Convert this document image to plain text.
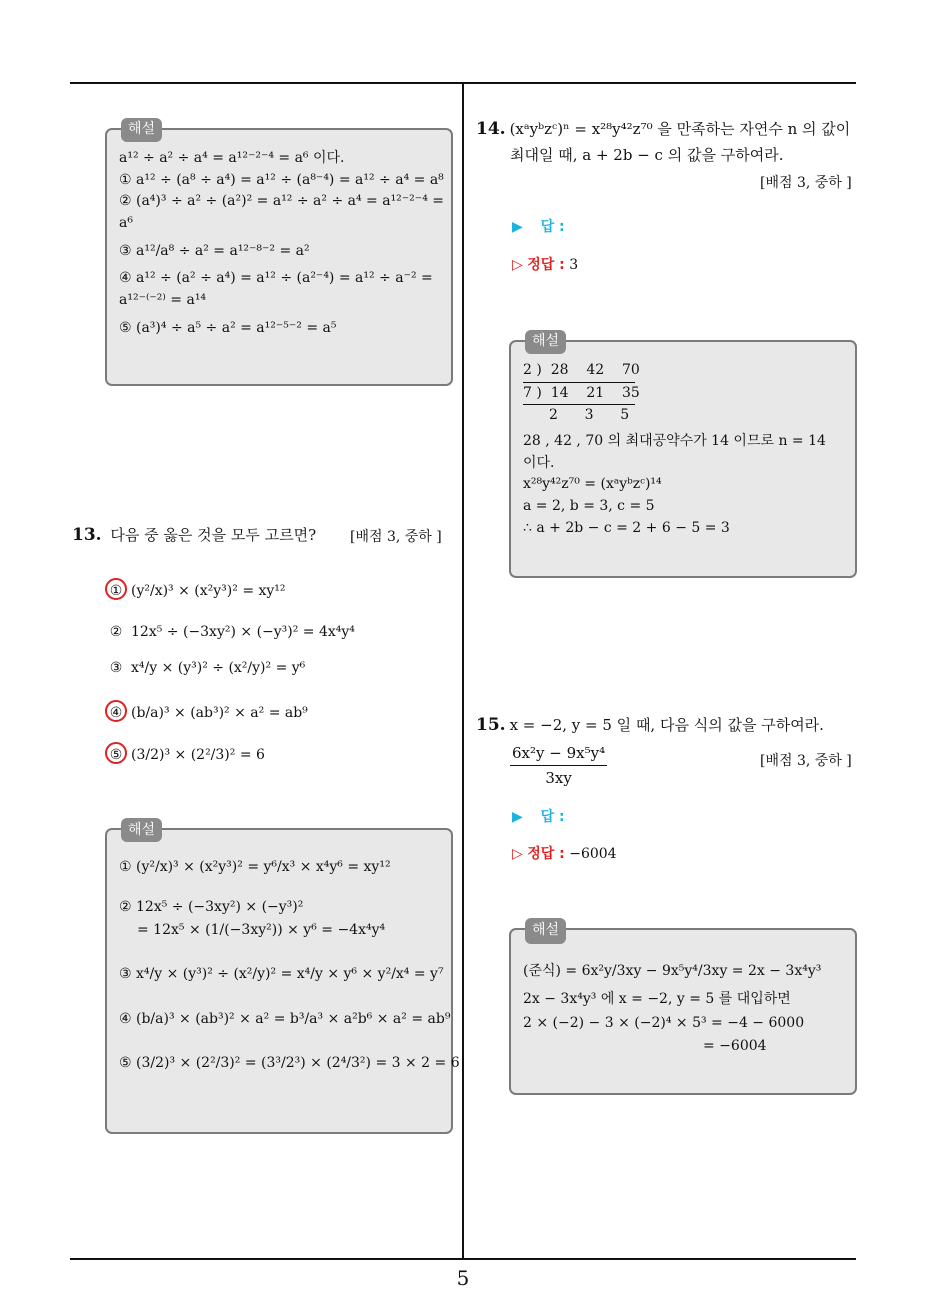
해설
a¹² ÷ a² ÷ a⁴ = a¹²⁻²⁻⁴ = a⁶ 이다.
① a¹² ÷ (a⁸ ÷ a⁴) = a¹² ÷ (a⁸⁻⁴) = a¹² ÷ a⁴ = a⁸
② (a⁴)³ ÷ a² ÷ (a²)² = a¹² ÷ a² ÷ a⁴ = a¹²⁻²⁻⁴ =
a⁶
③ a¹²/a⁸ ÷ a² = a¹²⁻⁸⁻² = a²
④ a¹² ÷ (a² ÷ a⁴) = a¹² ÷ (a²⁻⁴) = a¹² ÷ a⁻² =
a¹²⁻⁽⁻²⁾ = a¹⁴
⑤ (a³)⁴ ÷ a⁵ ÷ a² = a¹²⁻⁵⁻² = a⁵
13. 다음 중 옳은 것을 모두 고르면? [배점 3, 중하 ]
① (y²/x)³ × (x²y³)² = xy¹²
② 12x⁵ ÷ (−3xy²) × (−y³)² = 4x⁴y⁴
③ x⁴/y × (y³)² ÷ (x²/y)² = y⁶
④ (b/a)³ × (ab³)² × a² = ab⁹
⑤ (3/2)³ × (2²/3)² = 6
해설
① (y²/x)³ × (x²y³)² = y⁶/x³ × x⁴y⁶ = xy¹²
② 12x⁵ ÷ (−3xy²) × (−y³)²
= 12x⁵ × (1/(−3xy²)) × y⁶ = −4x⁴y⁴
③ x⁴/y × (y³)² ÷ (x²/y)² = x⁴/y × y⁶ × y²/x⁴ = y⁷
④ (b/a)³ × (ab³)² × a² = b³/a³ × a²b⁶ × a² = ab⁹
⑤ (3/2)³ × (2²/3)² = (3³/2³) × (2⁴/3²) = 3 × 2 = 6
14. (xᵃyᵇzᶜ)ⁿ = x²⁸y⁴²z⁷⁰ 을 만족하는 자연수 n 의 값이
최대일 때, a + 2b − c 의 값을 구하여라.
[배점 3, 중하 ]
▶ 답 :
▷ 정답 : 3
해설
2 )  28    42    70
7 )  14    21    35
2      3      5
28 , 42 , 70 의 최대공약수가 14 이므로 n = 14
이다.
x²⁸y⁴²z⁷⁰ = (xᵃyᵇzᶜ)¹⁴
a = 2, b = 3, c = 5
∴ a + 2b − c = 2 + 6 − 5 = 3
15. x = −2, y = 5 일 때, 다음 식의 값을 구하여라.
$\frac{\text{6x²y − 9x⁵y⁴}}{3xy}$	[배점 3, 중하 ]
▶ 답 :
▷ 정답 : −6004
해설
(준식) = 6x²y/3xy − 9x⁵y⁴/3xy = 2x − 3x⁴y³
2x − 3x⁴y³ 에 x = −2, y = 5 를 대입하면
2 × (−2) − 3 × (−2)⁴ × 5³ = −4 − 6000
= −6004
5
